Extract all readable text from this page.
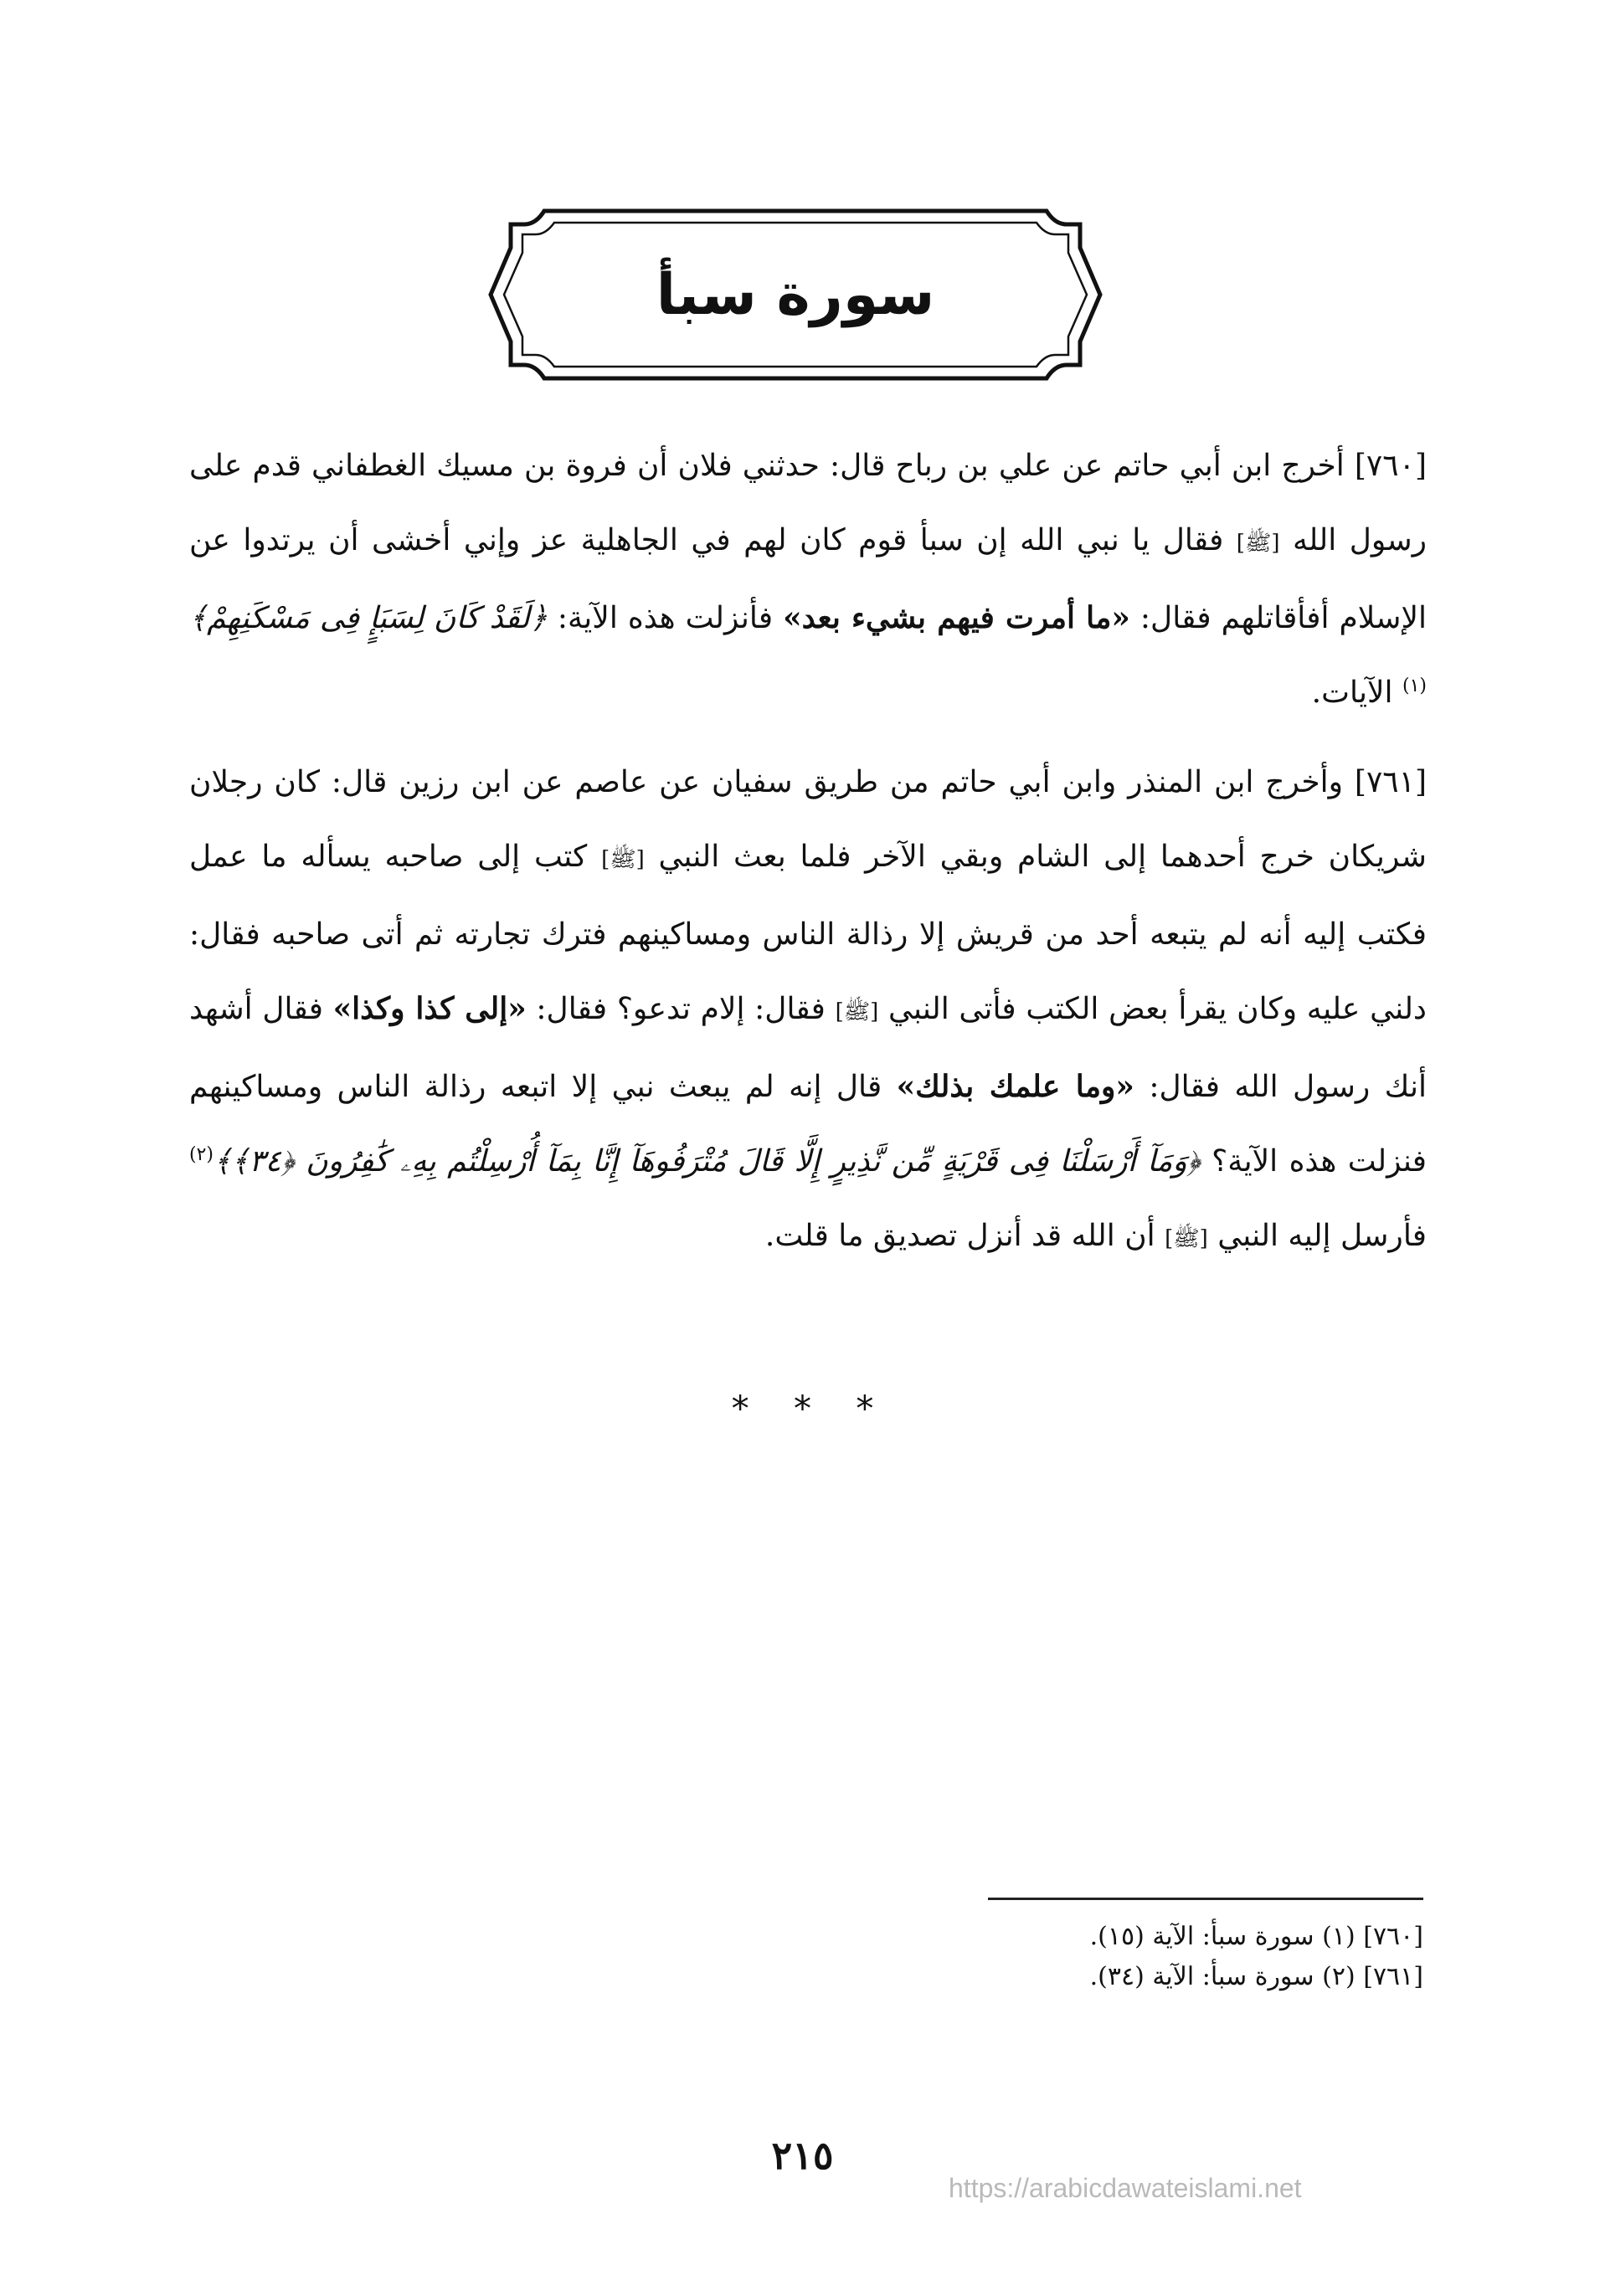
سورة سبأ

[٧٦٠] أخرج ابن أبي حاتم عن علي بن رباح قال: حدثني فلان أن فروة بن مسيك الغطفاني قدم على رسول الله [ﷺ] فقال يا نبي الله إن سبأ قوم كان لهم في الجاهلية عز وإني أخشى أن يرتدوا عن الإسلام أفأقاتلهم فقال: «ما أمرت فيهم بشيء بعد» فأنزلت هذه الآية: ﴿لَقَدْ كَانَ لِسَبَإٍ فِى مَسْكَنِهِمْ﴾$^{(١)}$ الآيات.

[٧٦١] وأخرج ابن المنذر وابن أبي حاتم من طريق سفيان عن عاصم عن ابن رزين قال: كان رجلان شريكان خرج أحدهما إلى الشام وبقي الآخر فلما بعث النبي [ﷺ] كتب إلى صاحبه يسأله ما عمل فكتب إليه أنه لم يتبعه أحد من قريش إلا رذالة الناس ومساكينهم فترك تجارته ثم أتى صاحبه فقال: دلني عليه وكان يقرأ بعض الكتب فأتى النبي [ﷺ] فقال: إلام تدعو؟ فقال: «إلى كذا وكذا» فقال أشهد أنك رسول الله فقال: «وما علمك بذلك» قال إنه لم يبعث نبي إلا اتبعه رذالة الناس ومساكينهم فنزلت هذه الآية؟ ﴿وَمَآ أَرْسَلْنَا فِى قَرْيَةٍ مِّن نَّذِيرٍ إِلَّا قَالَ مُتْرَفُوهَآ إِنَّا بِمَآ أُرْسِلْتُم بِهِۦ كَٰفِرُونَ ﴿٣٤﴾﴾$^{(٢)}$ فأرسل إليه النبي [ﷺ] أن الله قد أنزل تصديق ما قلت.

* * *

[٧٦٠] (١) سورة سبأ: الآية (١٥).

[٧٦١] (٢) سورة سبأ: الآية (٣٤).

٢١٥
https://arabicdawateislami.net
